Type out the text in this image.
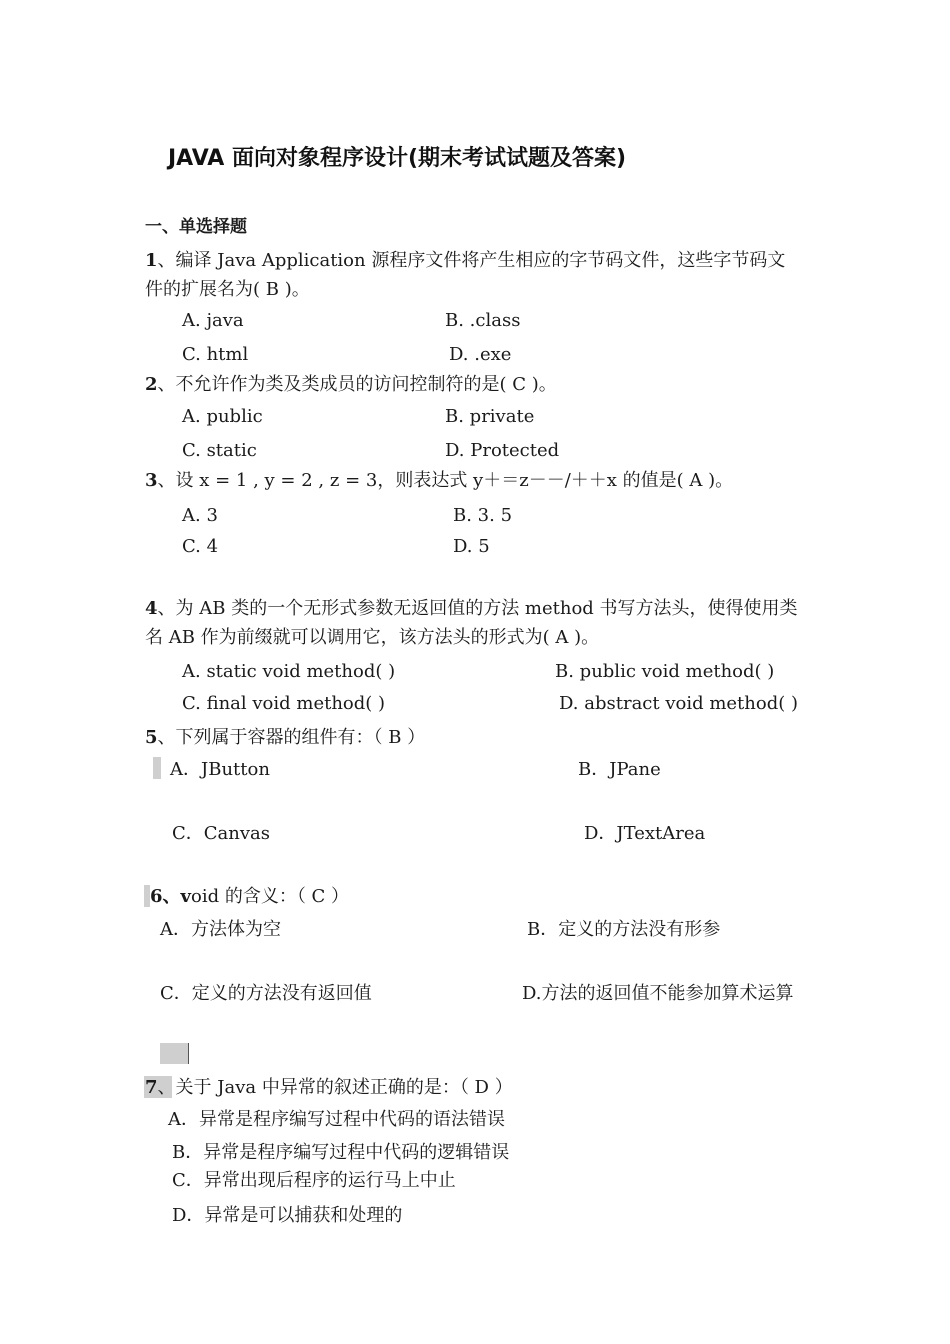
JAVA 面向对象程序设计(期末考试试题及答案)
一、单选择题
1、编译 Java Application 源程序文件将产生相应的字节码文件，这些字节码文
件的扩展名为( B )。
A. java	B. .class
C. html	D. .exe
2、不允许作为类及类成员的访问控制符的是( C )。
A. public	B. private
C. static	D. Protected
3、设 x = 1 , y = 2 , z = 3，则表达式 y＋＝z－－/＋＋x 的值是( A )。
A. 3	B. 3. 5
C. 4	D. 5
4、为 AB 类的一个无形式参数无返回值的方法 method 书写方法头，使得使用类
名 AB 作为前缀就可以调用它，该方法头的形式为( A )。
A. static void method( )	B. public void method( )
C. final void method( )	D. abstract void method( )
5、下列属于容器的组件有：（ B ）
A．JButton	B．JPane
C．Canvas	D．JTextArea
6、void 的含义：（ C ）
A．方法体为空	B．定义的方法没有形参
C．定义的方法没有返回值	D.方法的返回值不能参加算术运算
7、关于 Java 中异常的叙述正确的是：（ D ）
A．异常是程序编写过程中代码的语法错误
B．异常是程序编写过程中代码的逻辑错误
C．异常出现后程序的运行马上中止
D．异常是可以捕获和处理的
